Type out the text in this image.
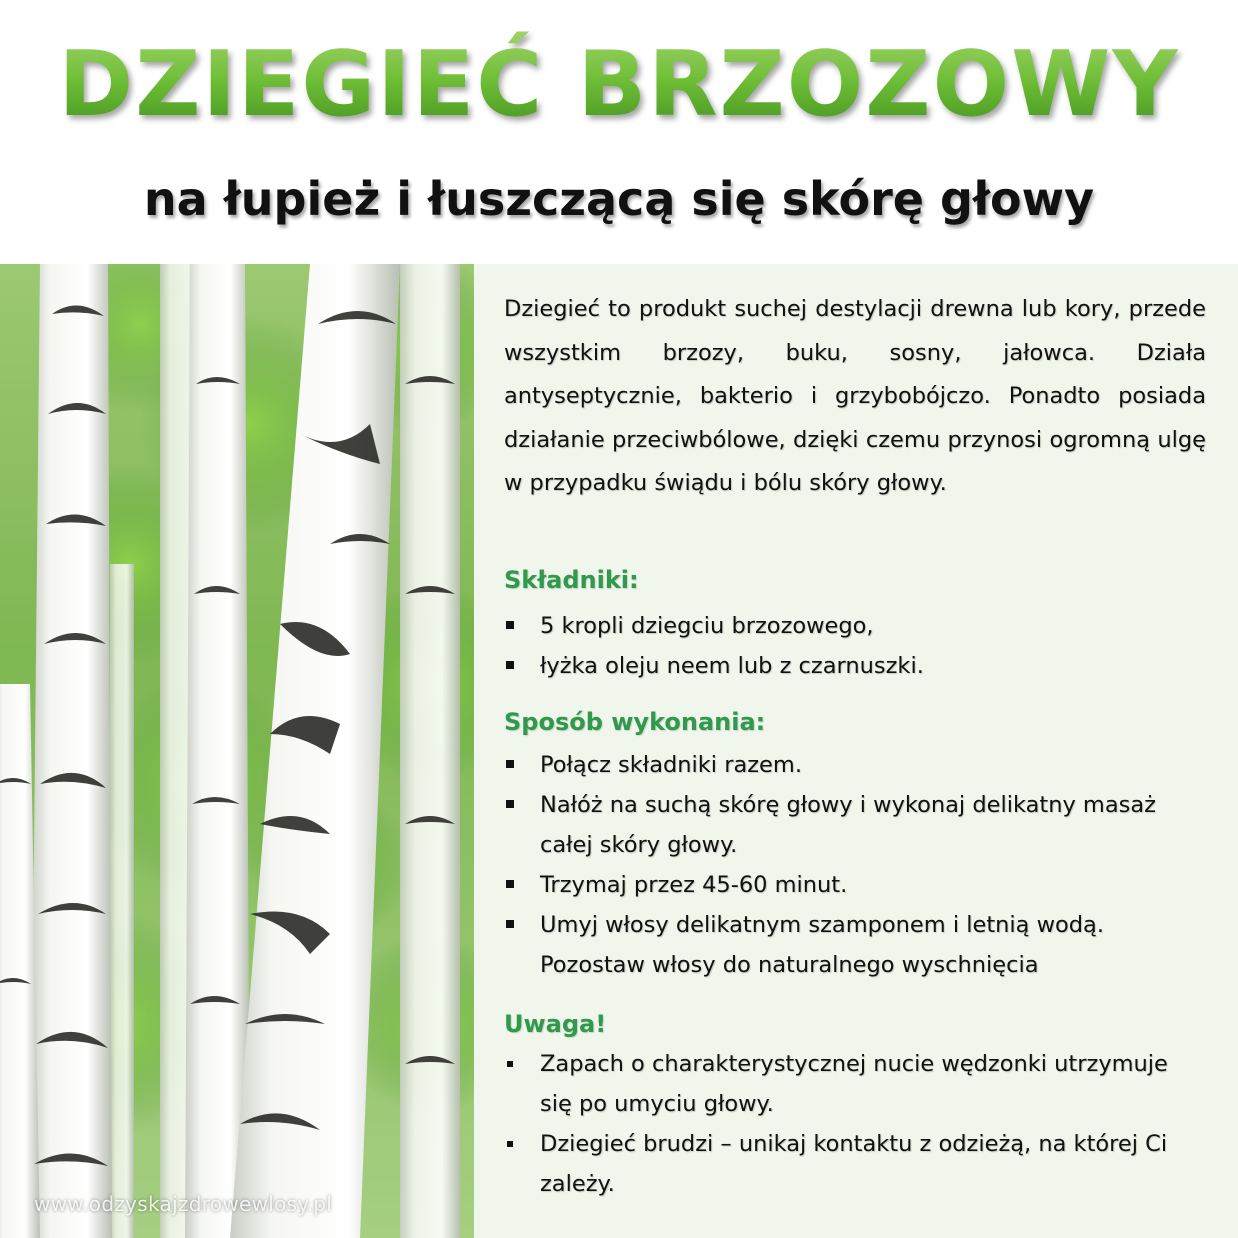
DZIEGIEĆ BRZOZOWY
na łupież i łuszczącą się skórę głowy
www.odzyskajzdrowewlosy.pl

Dziegieć to produkt suchej destylacji drewna lub kory, przede wszystkim brzozy, buku, sosny, jałowca. Działa antyseptycznie, bakterio i grzybobójczo. Ponadto posiada działanie przeciwbólowe, dzięki czemu przynosi ogromną ulgę w przypadku świądu i bólu skóry głowy.

Składniki:
5 kropli dziegciu brzozowego,
łyżka oleju neem lub z czarnuszki.
Sposób wykonania:
Połącz składniki razem.
Nałóż na suchą skórę głowy i wykonaj delikatny masaż całej skóry głowy.
Trzymaj przez 45-60 minut.
Umyj włosy delikatnym szamponem i letnią wodą. Pozostaw włosy do naturalnego wyschnięcia
Uwaga!
Zapach o charakterystycznej nucie wędzonki utrzymuje się po umyciu głowy.
Dziegieć brudzi – unikaj kontaktu z odzieżą, na której Ci zależy.
